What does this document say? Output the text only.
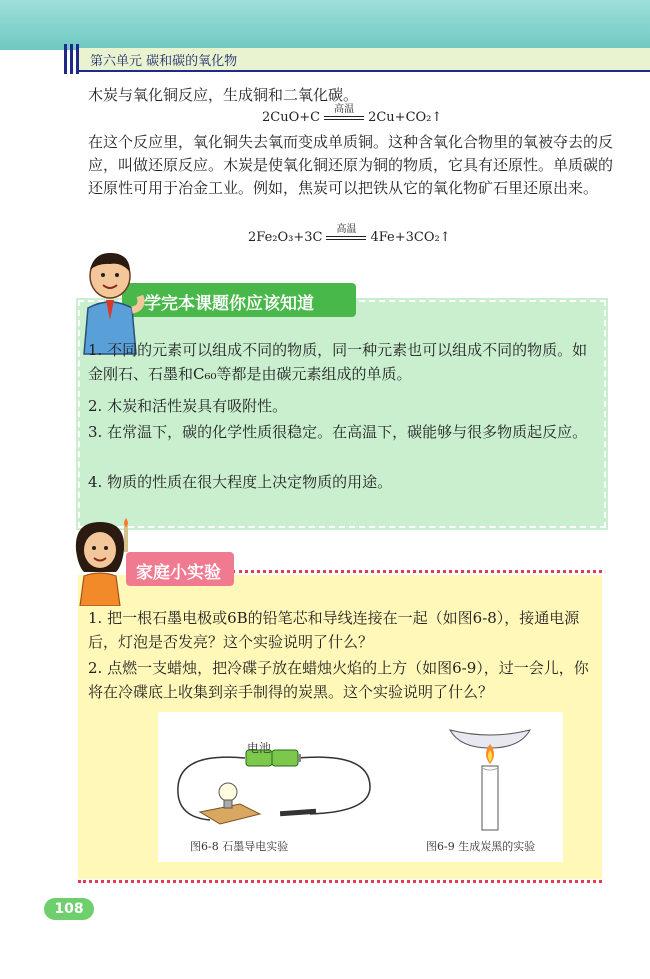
第六单元 碳和碳的氧化物
木炭与氧化铜反应，生成铜和二氧化碳。
2CuO+C
高温
2Cu+CO₂↑
在这个反应里，氧化铜失去氧而变成单质铜。这种含氧化合物里的氧被夺去的反应，叫做还原反应。木炭是使氧化铜还原为铜的物质，它具有还原性。单质碳的还原性可用于冶金工业。例如，焦炭可以把铁从它的氧化物矿石里还原出来。
2Fe₂O₃+3C
高温
4Fe+3CO₂↑
学完本课题你应该知道
1. 不同的元素可以组成不同的物质，同一种元素也可以组成不同的物质。如金刚石、石墨和C₆₀等都是由碳元素组成的单质。
2. 木炭和活性炭具有吸附性。
3. 在常温下，碳的化学性质很稳定。在高温下，碳能够与很多物质起反应。
4. 物质的性质在很大程度上决定物质的用途。
家庭小实验
1. 把一根石墨电极或6B的铅笔芯和导线连接在一起（如图6-8），接通电源后，灯泡是否发亮？这个实验说明了什么？
2. 点燃一支蜡烛，把冷碟子放在蜡烛火焰的上方（如图6-9），过一会儿，你将在冷碟底上收集到亲手制得的炭黑。这个实验说明了什么？
电池
图6-8 石墨导电实验	图6-9 生成炭黑的实验
108
